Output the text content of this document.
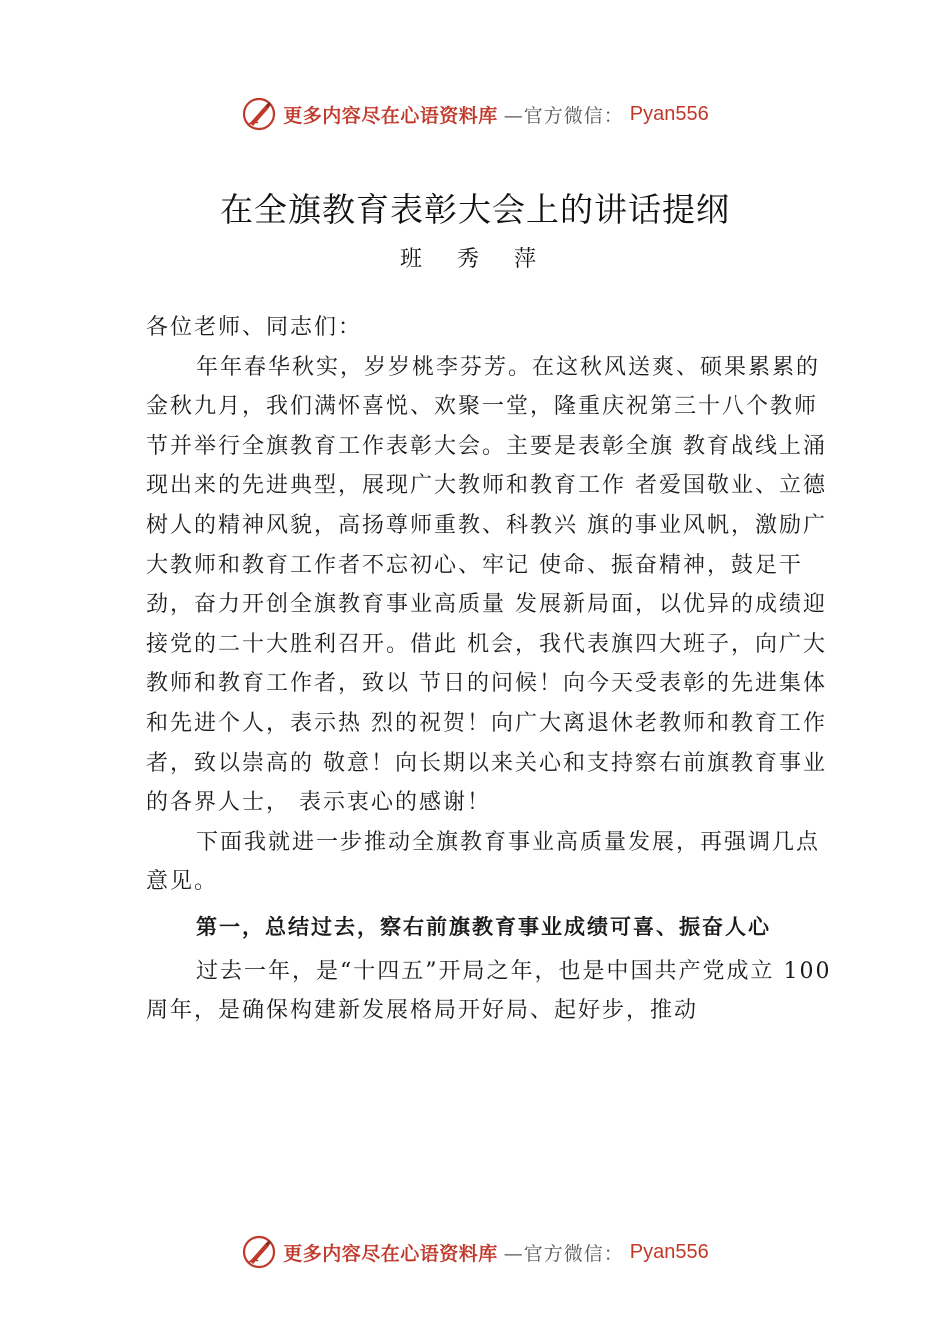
更多内容尽在心语资料库 —官方微信： Pyan556
在全旗教育表彰大会上的讲话提纲
班 秀 萍

各位老师、同志们：

年年春华秋实，岁岁桃李芬芳。在这秋风送爽、硕果累累的金秋九月，我们满怀喜悦、欢聚一堂，隆重庆祝第三十八个教师节并举行全旗教育工作表彰大会。主要是表彰全旗 教育战线上涌现出来的先进典型，展现广大教师和教育工作 者爱国敬业、立德树人的精神风貌，高扬尊师重教、科教兴 旗的事业风帆，激励广大教师和教育工作者不忘初心、牢记 使命、振奋精神，鼓足干劲，奋力开创全旗教育事业高质量 发展新局面，以优异的成绩迎接党的二十大胜利召开。借此 机会，我代表旗四大班子，向广大教师和教育工作者，致以 节日的问候！向今天受表彰的先进集体和先进个人，表示热 烈的祝贺！向广大离退休老教师和教育工作者，致以崇高的 敬意！向长期以来关心和支持察右前旗教育事业的各界人士， 表示衷心的感谢！

下面我就进一步推动全旗教育事业高质量发展，再强调几点意见。

第一，总结过去，察右前旗教育事业成绩可喜、振奋人心

过去一年，是“十四五”开局之年，也是中国共产党成立 100 周年，是确保构建新发展格局开好局、起好步，推动

更多内容尽在心语资料库 —官方微信： Pyan556
